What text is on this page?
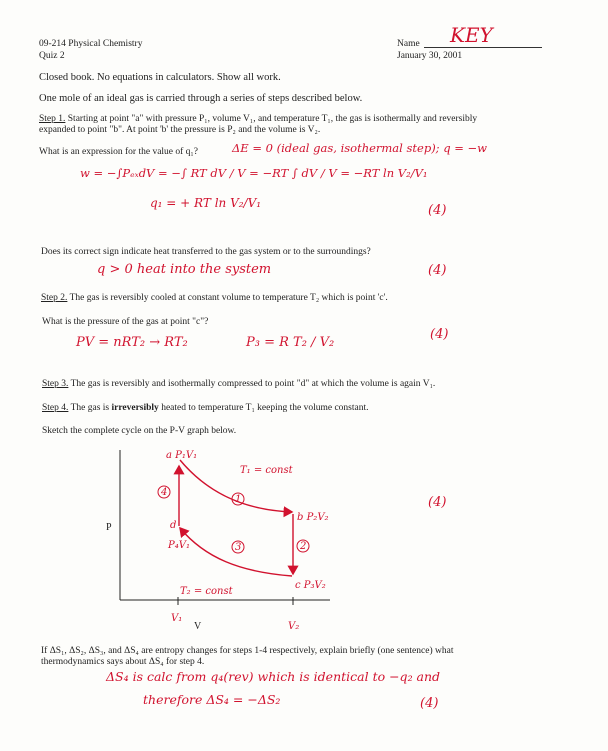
09-214 Physical Chemistry
Quiz 2
Name KEY
January 30, 2001
Closed book. No equations in calculators. Show all work.
One mole of an ideal gas is carried through a series of steps described below.
Step 1. Starting at point "a" with pressure P₁, volume V₁, and temperature T₁, the gas is isothermally and reversibly
expanded to point "b". At point 'b' the pressure is P₂ and the volume is V₂.
What is an expression for the value of q₁?	ΔE = 0 (ideal gas, isothermal step); q = −w
w = −∫PₑₓdV = −∫ RT dV / V = −RT ∫ dV / V = −RT ln V₂/V₁
q₁ = + RT ln V₂/V₁	(4)
Does its correct sign indicate heat transferred to the gas system or to the surroundings?
q > 0 heat into the system	(4)
Step 2. The gas is reversibly cooled at constant volume to temperature T₂ which is point 'c'.
What is the pressure of the gas at point "c"?
PV = nRT₂ → RT₂	P₃ = R T₂ / V₂
(4)
Step 3. The gas is reversibly and isothermally compressed to point "d" at which the volume is again V₁.
Step 4. The gas is irreversibly heated to temperature T₁ keeping the volume constant.
Sketch the complete cycle on the P-V graph below.
P
V
V₁
V₂
a P₁V₁
b P₂V₂
c P₃V₂
d
P₄V₁
T₁ = const
T₂ = const
4
1
2
3
(4)
If ΔS₁, ΔS₂, ΔS₃, and ΔS₄ are entropy changes for steps 1-4 respectively, explain briefly (one sentence) what
thermodynamics says about ΔS₄ for step 4.
ΔS₄ is calc from q₄(rev) which is identical to −q₂ and
therefore ΔS₄ = −ΔS₂	(4)
